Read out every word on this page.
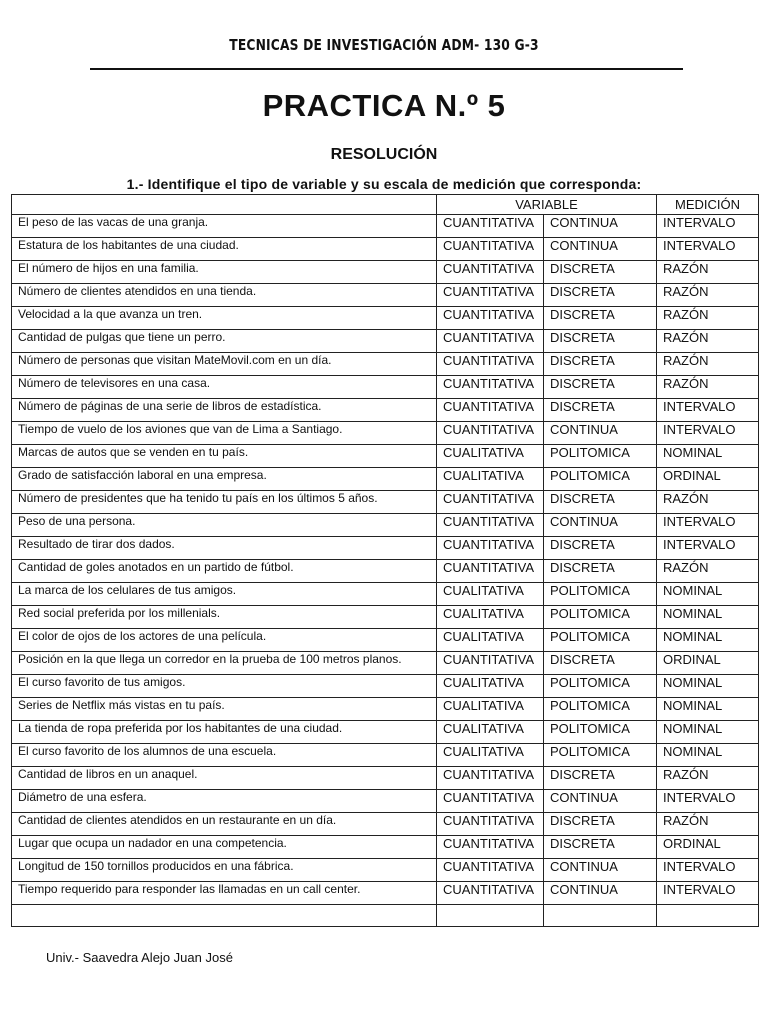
TECNICAS DE INVESTIGACIÓN ADM- 130 G-3
PRACTICA N.º 5
RESOLUCIÓN
1.- Identifique el tipo de variable y su escala de medición que corresponda:
	VARIABLE		MEDICIÓN
El peso de las vacas de una granja.	CUANTITATIVA	CONTINUA	INTERVALO
Estatura de los habitantes de una ciudad.	CUANTITATIVA	CONTINUA	INTERVALO
El número de hijos en una familia.	CUANTITATIVA	DISCRETA	RAZÓN
Número de clientes atendidos en una tienda.	CUANTITATIVA	DISCRETA	RAZÓN
Velocidad a la que avanza un tren.	CUANTITATIVA	DISCRETA	RAZÓN
Cantidad de pulgas que tiene un perro.	CUANTITATIVA	DISCRETA	RAZÓN
Número de personas que visitan MateMovil.com en un día.	CUANTITATIVA	DISCRETA	RAZÓN
Número de televisores en una casa.	CUANTITATIVA	DISCRETA	RAZÓN
Número de páginas de una serie de libros de estadística.	CUANTITATIVA	DISCRETA	INTERVALO
Tiempo de vuelo de los aviones que van de Lima a Santiago.	CUANTITATIVA	CONTINUA	INTERVALO
Marcas de autos que se venden en tu país.	CUALITATIVA	POLITOMICA	NOMINAL
Grado de satisfacción laboral en una empresa.	CUALITATIVA	POLITOMICA	ORDINAL
Número de presidentes que ha tenido tu país en los últimos 5 años.	CUANTITATIVA	DISCRETA	RAZÓN
Peso de una persona.	CUANTITATIVA	CONTINUA	INTERVALO
Resultado de tirar dos dados.	CUANTITATIVA	DISCRETA	INTERVALO
Cantidad de goles anotados en un partido de fútbol.	CUANTITATIVA	DISCRETA	RAZÓN
La marca de los celulares de tus amigos.	CUALITATIVA	POLITOMICA	NOMINAL
Red social preferida por los millenials.	CUALITATIVA	POLITOMICA	NOMINAL
El color de ojos de los actores de una película.	CUALITATIVA	POLITOMICA	NOMINAL
Posición en la que llega un corredor en la prueba de 100 metros planos.	CUANTITATIVA	DISCRETA	ORDINAL
El curso favorito de tus amigos.	CUALITATIVA	POLITOMICA	NOMINAL
Series de Netflix más vistas en tu país.	CUALITATIVA	POLITOMICA	NOMINAL
La tienda de ropa preferida por los habitantes de una ciudad.	CUALITATIVA	POLITOMICA	NOMINAL
El curso favorito de los alumnos de una escuela.	CUALITATIVA	POLITOMICA	NOMINAL
Cantidad de libros en un anaquel.	CUANTITATIVA	DISCRETA	RAZÓN
Diámetro de una esfera.	CUANTITATIVA	CONTINUA	INTERVALO
Cantidad de clientes atendidos en un restaurante en un día.	CUANTITATIVA	DISCRETA	RAZÓN
Lugar que ocupa un nadador en una competencia.	CUANTITATIVA	DISCRETA	ORDINAL
Longitud de 150 tornillos producidos en una fábrica.	CUANTITATIVA	CONTINUA	INTERVALO
Tiempo requerido para responder las llamadas en un call center.	CUANTITATIVA	CONTINUA	INTERVALO

Univ.- Saavedra Alejo Juan José
